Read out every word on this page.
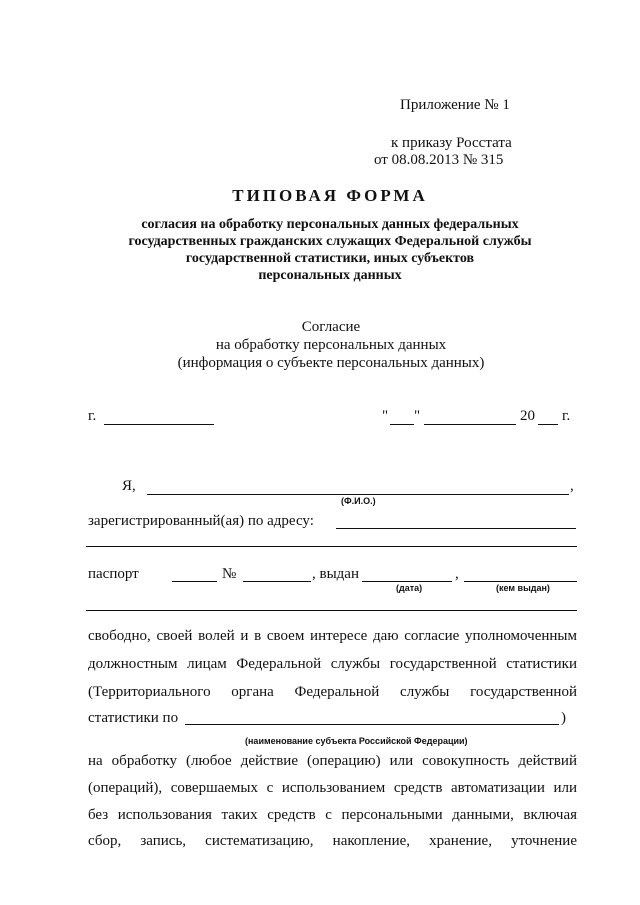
Приложение № 1
к приказу Росстата
от 08.08.2013 № 315
ТИПОВАЯ ФОРМА
согласия на обработку персональных данных федеральных
государственных гражданских служащих Федеральной службы
государственной статистики, иных субъектов
персональных данных
Согласие
на обработку персональных данных
(информация о субъекте персональных данных)
г.	" "	20 г.
Я,	,
(Ф.И.О.)
зарегистрированный(ая) по адресу:
паспорт	№	, выдан	,
(дата)	(кем выдан)
свободно, своей волей и в своем интересе даю согласие уполномоченным
должностным лицам Федеральной службы государственной статистики
(Территориального органа Федеральной службы государственной
статистики по	)
(наименование субъекта Российской Федерации)
на обработку (любое действие (операцию) или совокупность действий
(операций), совершаемых с использованием средств автоматизации или
без использования таких средств с персональными данными, включая
сбор, запись, систематизацию, накопление, хранение, уточнение
